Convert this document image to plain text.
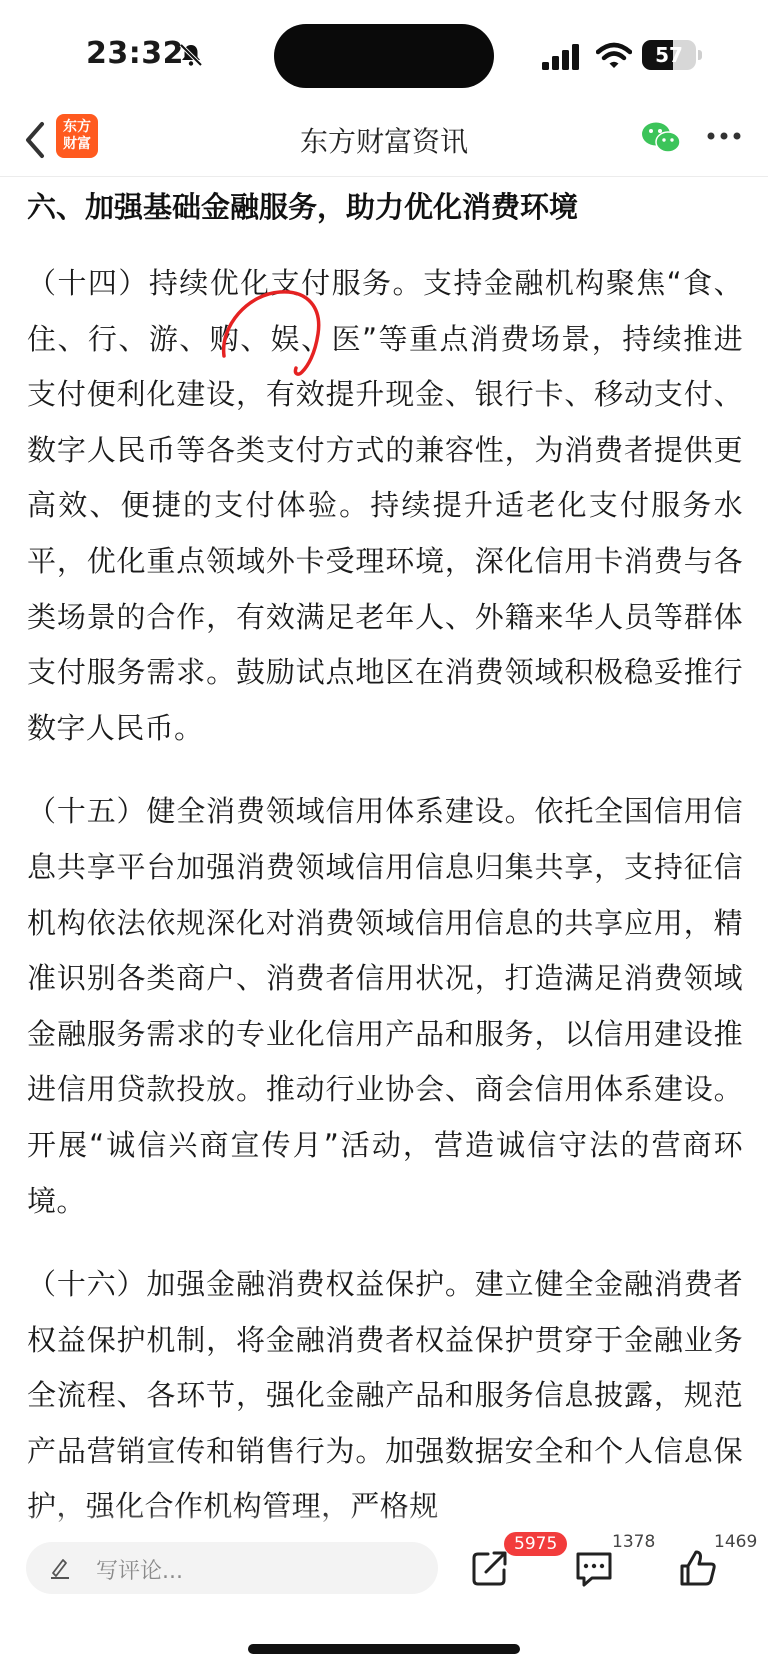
23:32	57
东方
财富	东方财富资讯
六、加强基础金融服务，助力优化消费环境

（十四）持续优化支付服务。支持金融机构聚焦“食、住、行、游、购、娱、医”等重点消费场景，持续推进支付便利化建设，有效提升现金、银行卡、移动支付、数字人民币等各类支付方式的兼容性，为消费者提供更高效、便捷的支付体验。持续提升适老化支付服务水平，优化重点领域外卡受理环境，深化信用卡消费与各类场景的合作，有效满足老年人、外籍来华人员等群体支付服务需求。鼓励试点地区在消费领域积极稳妥推行数字人民币。

（十五）健全消费领域信用体系建设。依托全国信用信息共享平台加强消费领域信用信息归集共享，支持征信机构依法依规深化对消费领域信用信息的共享应用，精准识别各类商户、消费者信用状况，打造满足消费领域金融服务需求的专业化信用产品和服务，以信用建设推进信用贷款投放。推动行业协会、商会信用体系建设。开展“诚信兴商宣传月”活动，营造诚信守法的营商环境。

（十六）加强金融消费权益保护。建立健全金融消费者权益保护机制，将金融消费者权益保护贯穿于金融业务全流程、各环节，强化金融产品和服务信息披露，规范产品营销宣传和销售行为。加强数据安全和个人信息保护，强化合作机构管理，严格规

写评论...
5975	1378	1469
